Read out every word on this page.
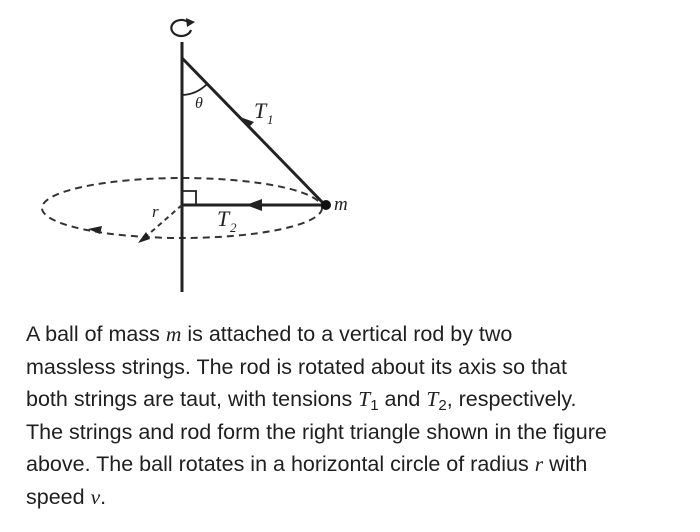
θ T 1
T 2
m
r
A ball of mass m is attached to a vertical rod by two
massless strings. The rod is rotated about its axis so that
both strings are taut, with tensions $T_1$ and $T_2$, respectively.
The strings and rod form the right triangle shown in the figure
above. The ball rotates in a horizontal circle of radius r with
speed v.
